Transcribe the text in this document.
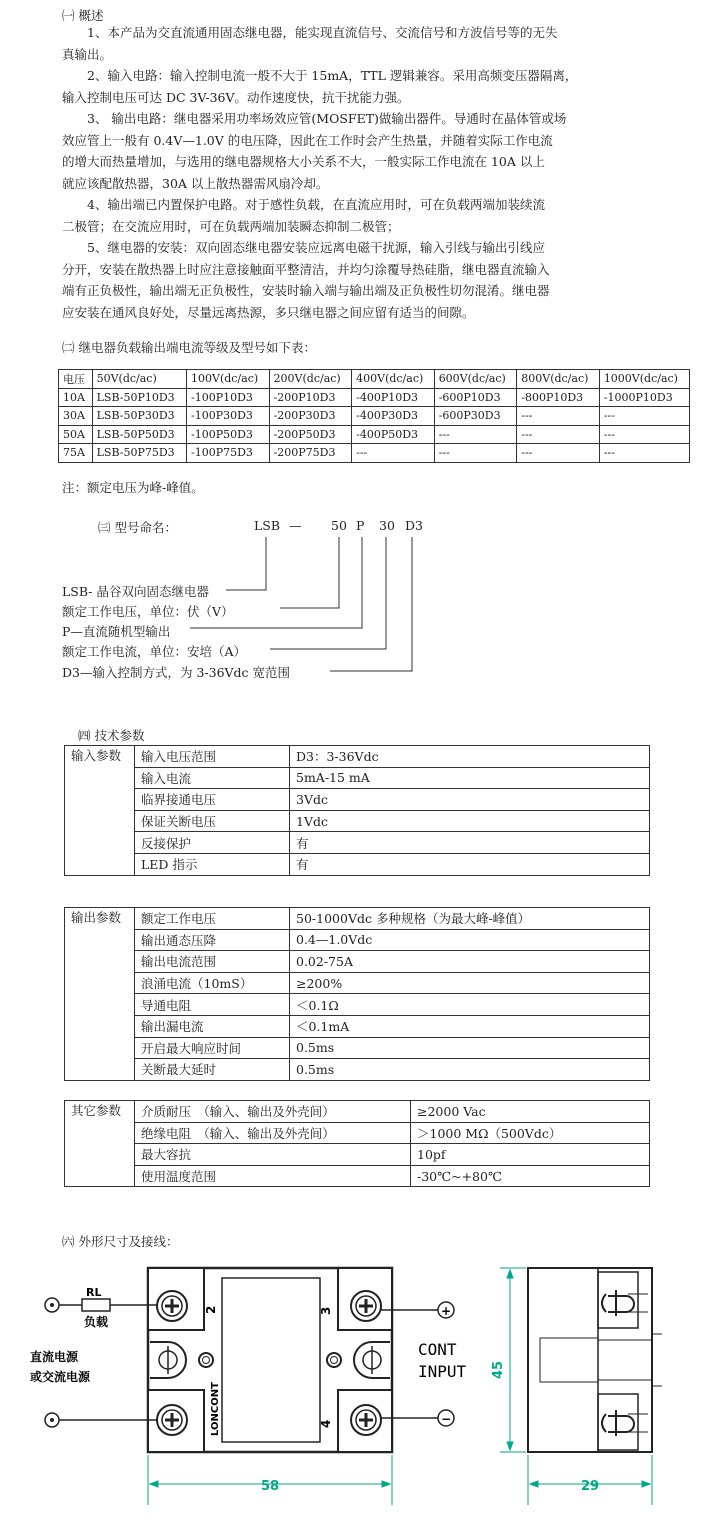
㈠ 概述

1、本产品为交直流通用固态继电器，能实现直流信号、交流信号和方波信号等的无失

真输出。

2、输入电路：输入控制电流一般不大于 15mA，TTL 逻辑兼容。采用高频变压器隔离，

输入控制电压可达 DC 3V-36V。动作速度快，抗干扰能力强。

3、 输出电路：继电器采用功率场效应管(MOSFET)做输出器件。导通时在晶体管或场

效应管上一般有 0.4V—1.0V 的电压降，因此在工作时会产生热量，并随着实际工作电流

的增大而热量增加，与选用的继电器规格大小关系不大，一般实际工作电流在 10A 以上

就应该配散热器，30A 以上散热器需风扇冷却。

4、输出端已内置保护电路。对于感性负载，在直流应用时，可在负载两端加装续流

二极管；在交流应用时，可在负载两端加装瞬态抑制二极管；

5、继电器的安装：双向固态继电器安装应远离电磁干扰源，输入引线与输出引线应

分开，安装在散热器上时应注意接触面平整清洁，并均匀涂覆导热硅脂，继电器直流输入

端有正负极性，输出端无正负极性，安装时输入端与输出端及正负极性切勿混淆。继电器

应安装在通风良好处，尽量远离热源，多只继电器之间应留有适当的间隙。

㈡ 继电器负载输出端电流等级及型号如下表：
电压	50V(dc/ac)	100V(dc/ac)	200V(dc/ac)	400V(dc/ac)	600V(dc/ac)	800V(dc/ac)	1000V(dc/ac)
10A	LSB-50P10D3	-100P10D3	-200P10D3	-400P10D3	-600P10D3	-800P10D3	-1000P10D3
30A	LSB-50P30D3	-100P30D3	-200P30D3	-400P30D3	-600P30D3	---	---
50A	LSB-50P50D3	-100P50D3	-200P50D3	-400P50D3	---	---	---
75A	LSB-50P75D3	-100P75D3	-200P75D3	---	---	---	---
注：额定电压为峰-峰值。
㈢ 型号命名：	LSB — 50 P 30 D3
LSB- 晶谷双向固态继电器
额定工作电压，单位：伏（V）
P—直流随机型输出
额定工作电流，单位：安培（A）
D3—输入控制方式，为 3-36Vdc 宽范围
㈣ 技术参数
输入参数	输入电压范围	D3：3-36Vdc
	输入电流	5mA-15 mA
	临界接通电压	3Vdc
	保证关断电压	1Vdc
	反接保护	有
	LED 指示	有
输出参数	额定工作电压	50-1000Vdc 多种规格（为最大峰-峰值）
	输出通态压降	0.4—1.0Vdc
	输出电流范围	0.02-75A
	浪涌电流（10mS）	≥200%
	导通电阻	＜0.1Ω
	输出漏电流	＜0.1mA
	开启最大响应时间	0.5ms
	关断最大延时	0.5ms
其它参数	介质耐压　（输入、输出及外壳间）	≥2000 Vac
	绝缘电阻　（输入、输出及外壳间）	＞1000 MΩ（500Vdc）
	最大容抗	10pf
	使用温度范围	-30℃~+80℃
㈥ 外形尺寸及接线：
2	3
4
LONCONT
RL
负载
直流电源
或交流电源
+
−
CONT
INPUT
58
45
29
